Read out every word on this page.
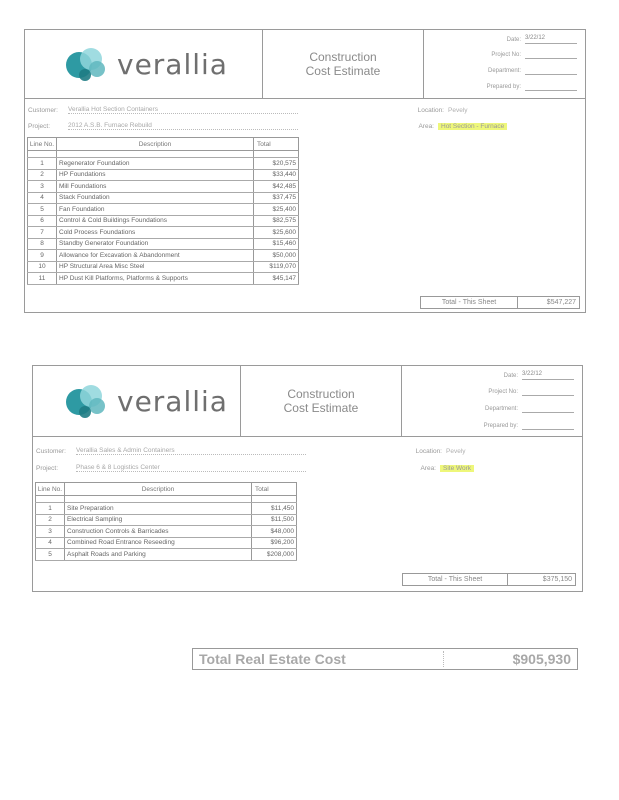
verallia	Construction
Cost Estimate
Date: 3/22/12
Project No:
Department:
Prepared by:
Customer:	Verallia Hot Section Containers	Location: Pevely
Project:	2012 A.S.B. Furnace Rebuild	Area:	Hot Section - Furnace
Line No.	Description	Total

1	Regenerator Foundation	$20,575
2	HP Foundations	$33,440
3	Mill Foundations	$42,485
4	Stack Foundation	$37,475
5	Fan Foundation	$25,400
6	Control & Cold Buildings Foundations	$82,575
7	Cold Process Foundations	$25,600
8	Standby Generator Foundation	$15,460
9	Allowance for Excavation & Abandonment	$50,000
10	HP Structural Area Misc Steel	$119,070
11	HP Dust Kill Platforms, Platforms & Supports	$45,147
Total - This Sheet	$547,227
verallia	Construction
Cost Estimate
Date: 3/22/12
Project No:
Department:
Prepared by:
Customer:	Verallia Sales & Admin Containers	Location: Pevely
Project:	Phase 6 & 8 Logistics Center	Area:	Site Work
Line No.	Description	Total

1	Site Preparation	$11,450
2	Electrical Sampling	$11,500
3	Construction Controls & Barricades	$48,000
4	Combined Road Entrance Reseeding	$96,200
5	Asphalt Roads and Parking	$208,000
Total - This Sheet	$375,150
Total Real Estate Cost	$905,930
